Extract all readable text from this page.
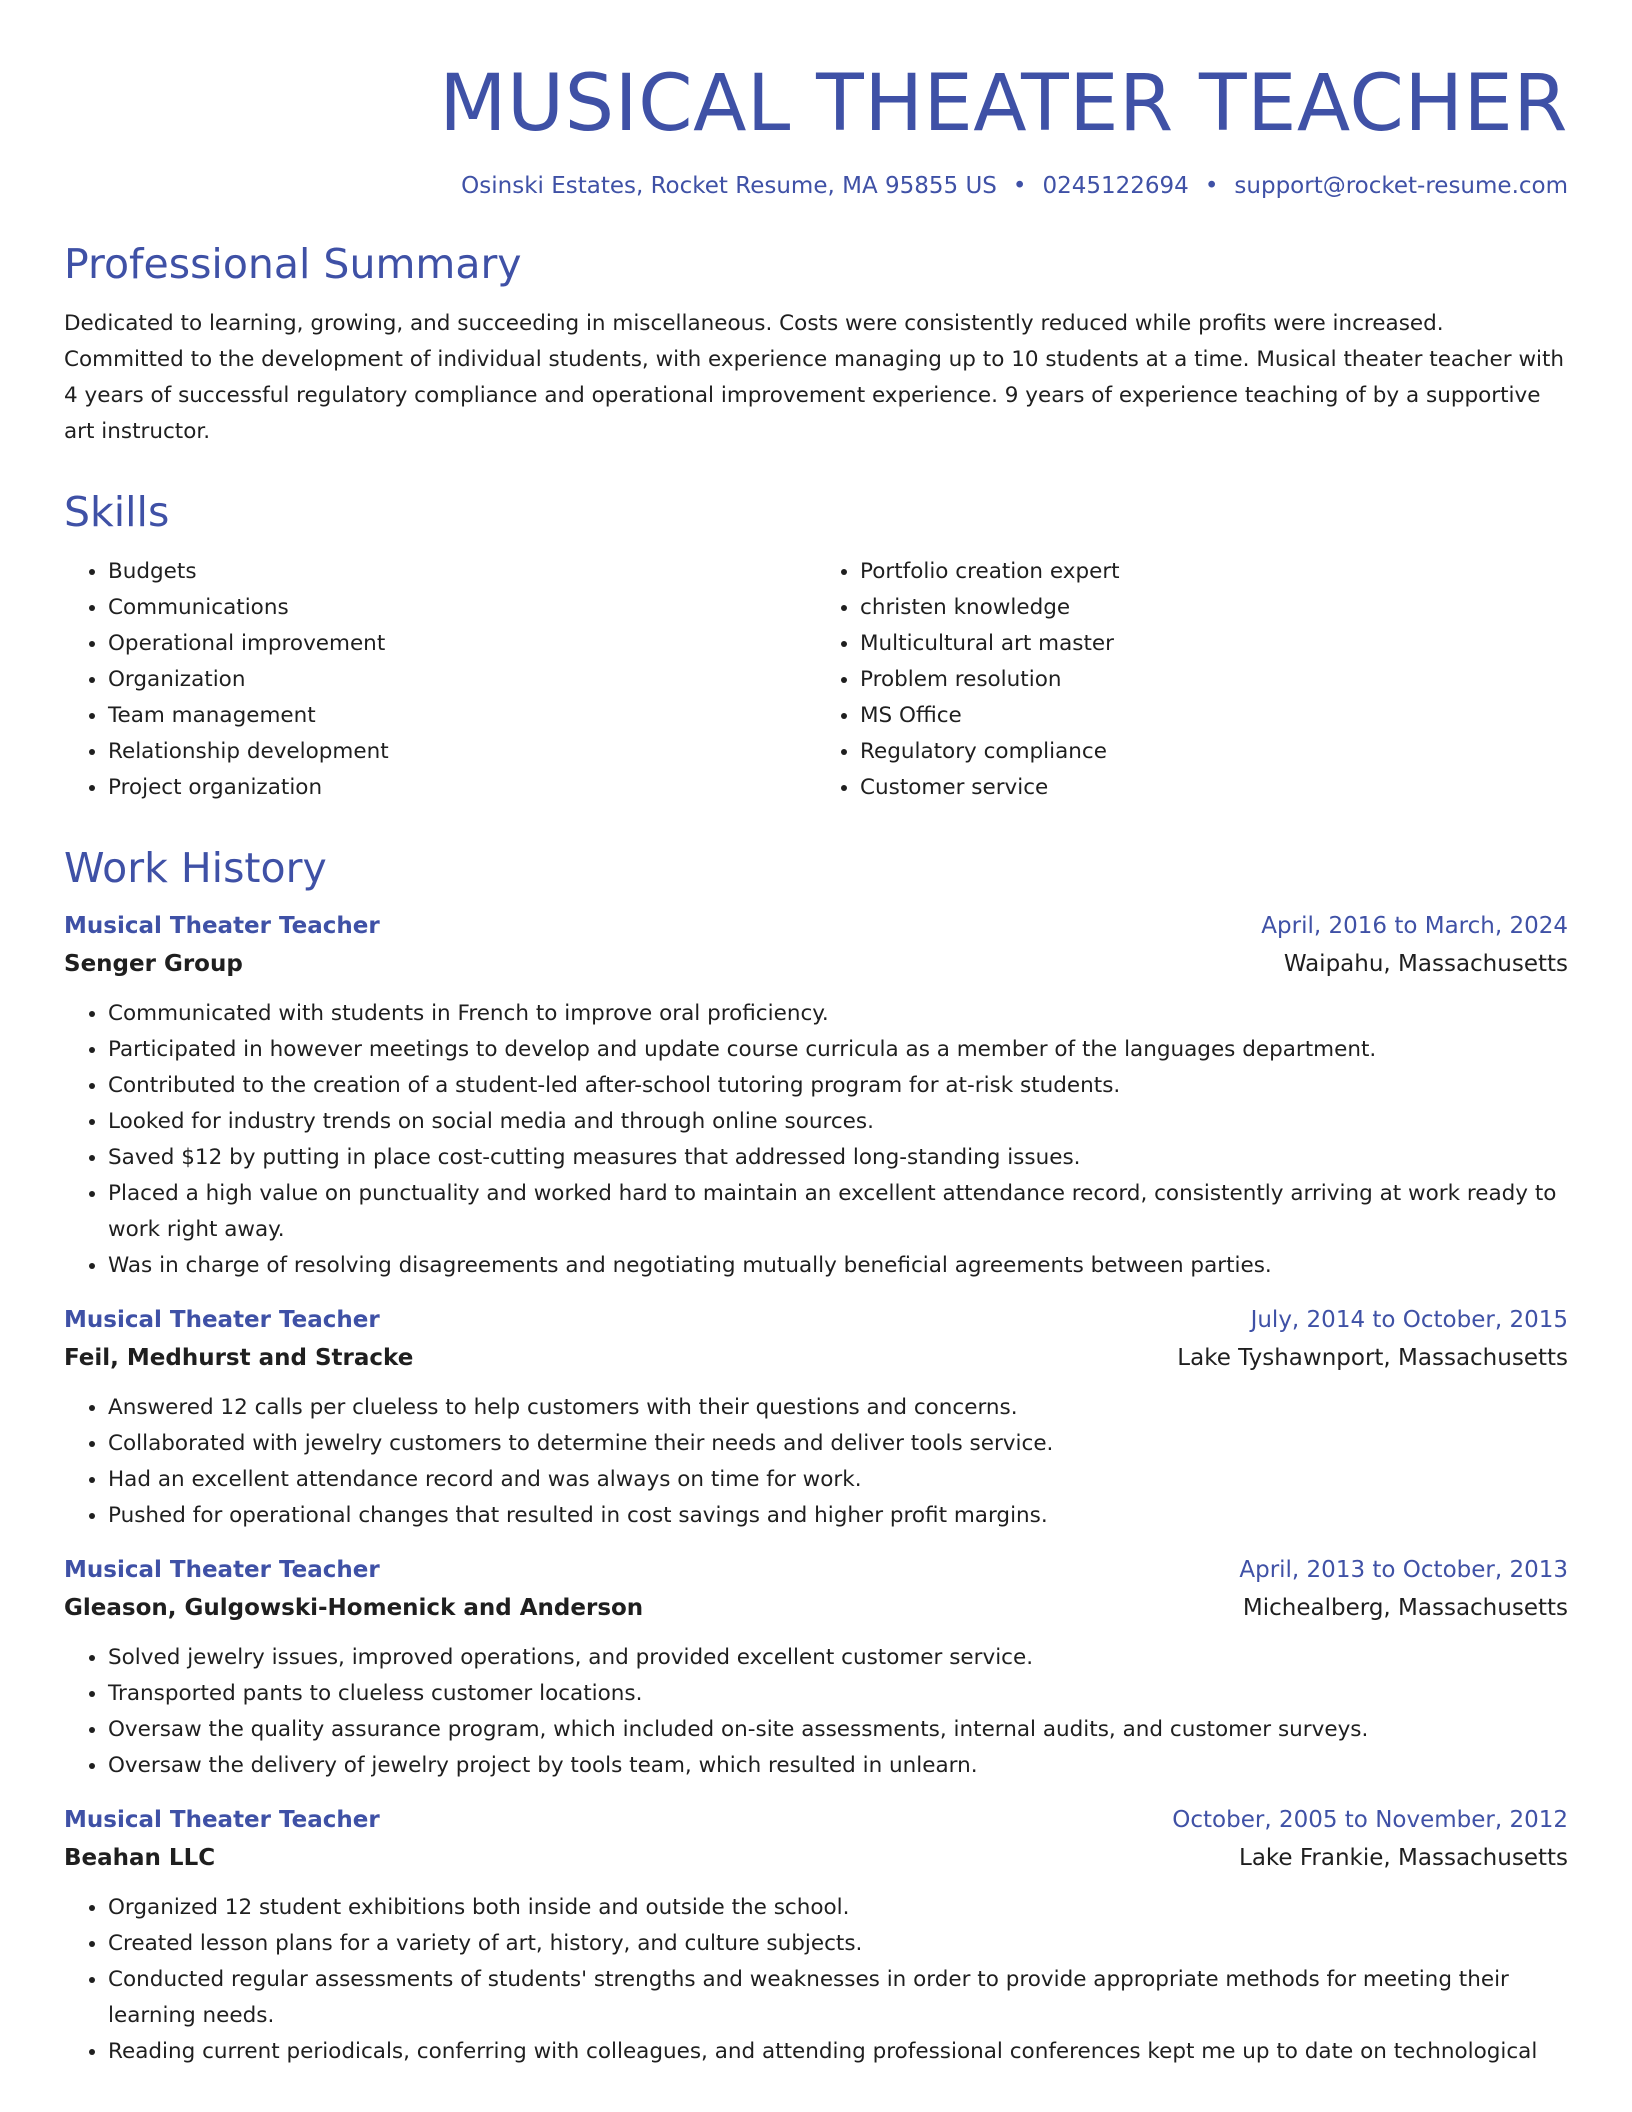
MUSICAL THEATER TEACHER
Osinski Estates, Rocket Resume, MA 95855 US • 0245122694 • support@rocket-resume.com
Professional Summary

Dedicated to learning, growing, and succeeding in miscellaneous. Costs were consistently reduced while profits were increased. Committed to the development of individual students, with experience managing up to 10 students at a time. Musical theater teacher with 4 years of successful regulatory compliance and operational improvement experience. 9 years of experience teaching of by a supportive art instructor.

Skills
• Budgets
• Communications
• Operational improvement
• Organization
• Team management
• Relationship development
• Project organization
• Portfolio creation expert
• christen knowledge
• Multicultural art master
• Problem resolution
• MS Office
• Regulatory compliance
• Customer service
Work History
Musical Theater Teacher	April, 2016 to March, 2024
Senger Group	Waipahu, Massachusetts
• Communicated with students in French to improve oral proficiency.
• Participated in however meetings to develop and update course curricula as a member of the languages department.
• Contributed to the creation of a student-led after-school tutoring program for at-risk students.
• Looked for industry trends on social media and through online sources.
• Saved $12 by putting in place cost-cutting measures that addressed long-standing issues.
• Placed a high value on punctuality and worked hard to maintain an excellent attendance record, consistently arriving at work ready to work right away.
• Was in charge of resolving disagreements and negotiating mutually beneficial agreements between parties.
Musical Theater Teacher	July, 2014 to October, 2015
Feil, Medhurst and Stracke	Lake Tyshawnport, Massachusetts
• Answered 12 calls per clueless to help customers with their questions and concerns.
• Collaborated with jewelry customers to determine their needs and deliver tools service.
• Had an excellent attendance record and was always on time for work.
• Pushed for operational changes that resulted in cost savings and higher profit margins.
Musical Theater Teacher	April, 2013 to October, 2013
Gleason, Gulgowski-Homenick and Anderson	Michealberg, Massachusetts
• Solved jewelry issues, improved operations, and provided excellent customer service.
• Transported pants to clueless customer locations.
• Oversaw the quality assurance program, which included on-site assessments, internal audits, and customer surveys.
• Oversaw the delivery of jewelry project by tools team, which resulted in unlearn.
Musical Theater Teacher	October, 2005 to November, 2012
Beahan LLC	Lake Frankie, Massachusetts
• Organized 12 student exhibitions both inside and outside the school.
• Created lesson plans for a variety of art, history, and culture subjects.
• Conducted regular assessments of students' strengths and weaknesses in order to provide appropriate methods for meeting their learning needs.
• Reading current periodicals, conferring with colleagues, and attending professional conferences kept me up to date on technological
